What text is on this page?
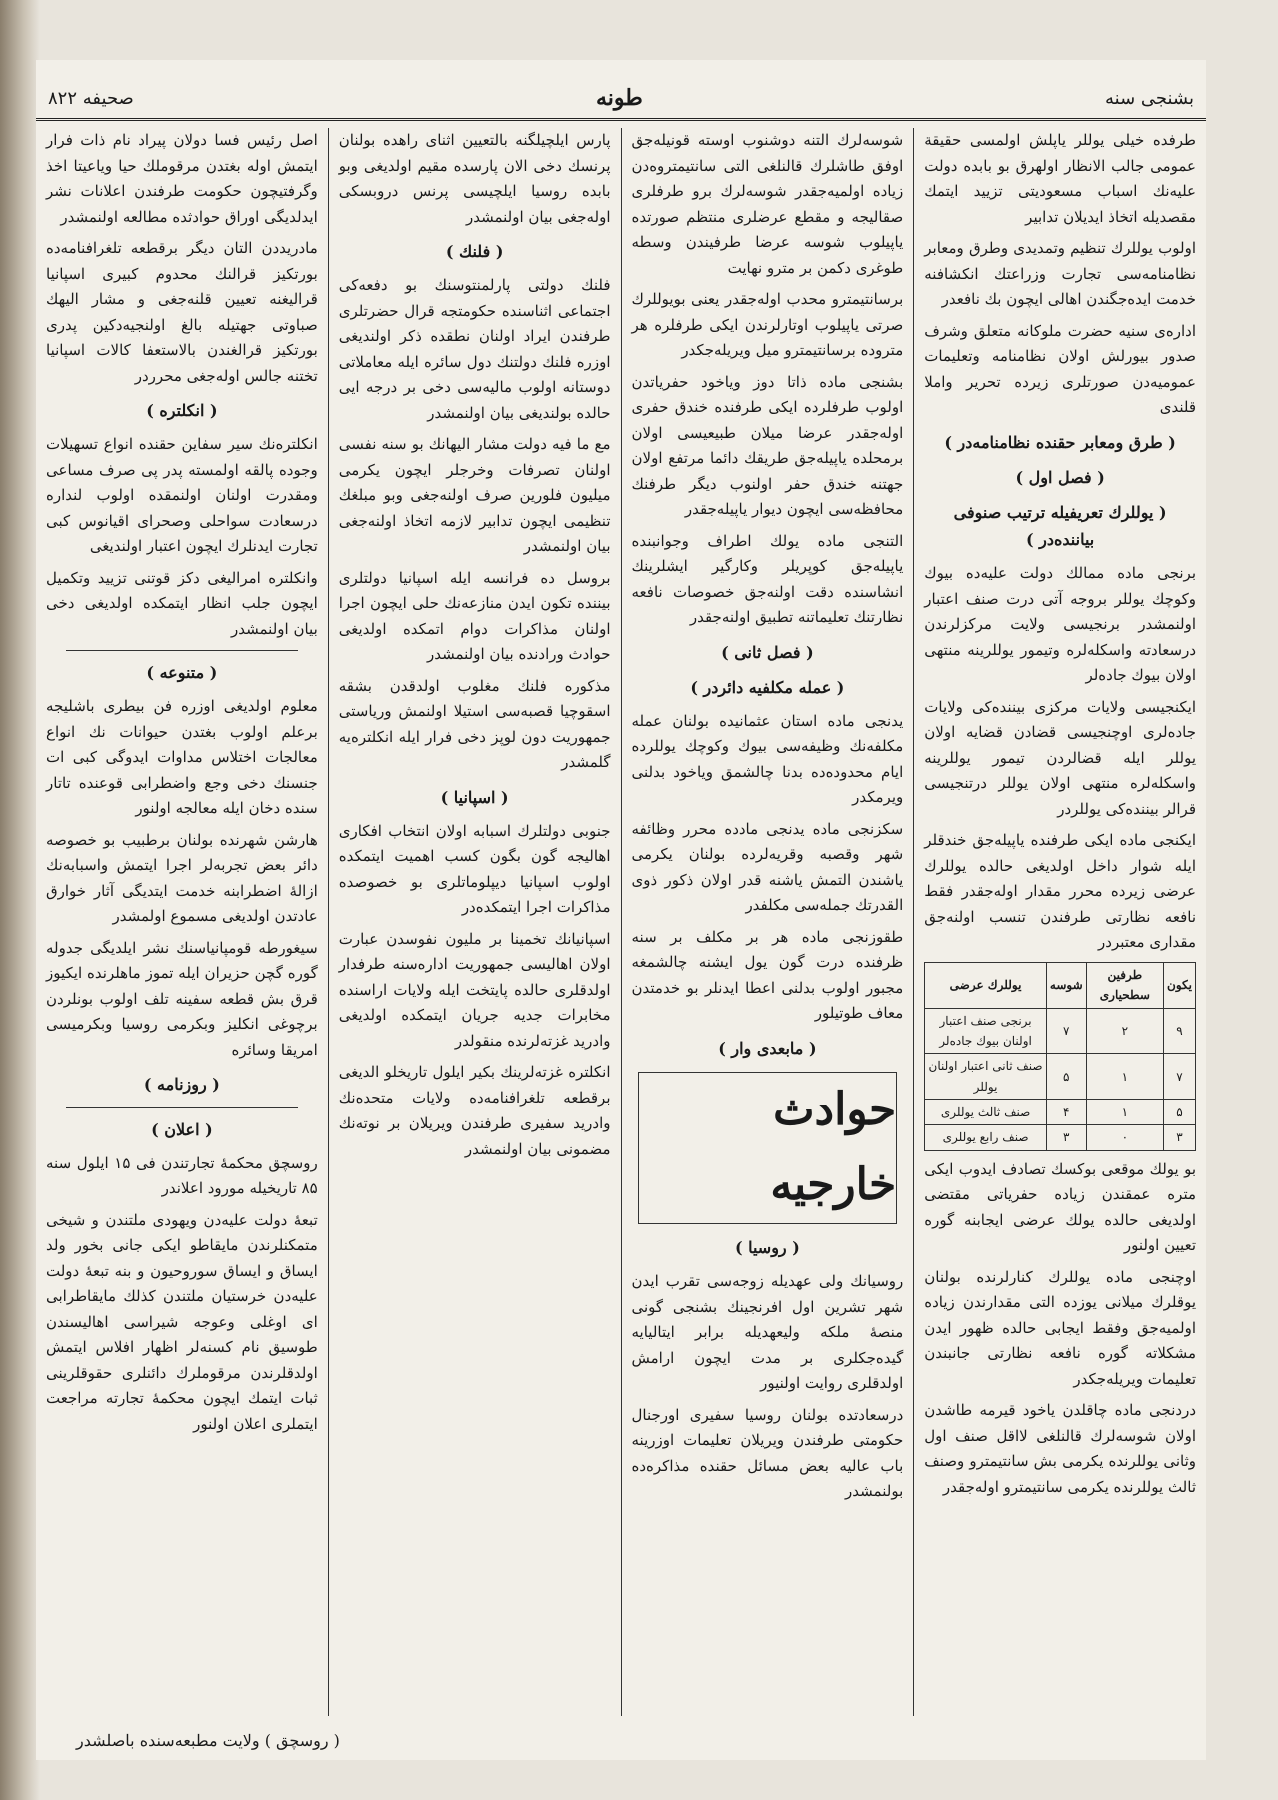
بشنجی سنه
طونه
صحیفه ۸۲۲

طرفده خیلی یوللر یاپلش اولمسی حقیقة عمومی جالب الانظار اولهرق بو بابده دولت علیه‌نك اسباب مسعودیتی تزیید ایتمك مقصدیله اتخاذ ایدیلان تدابیر

اولوب یوللرك تنظیم وتمدیدی وطرق ومعابر نظامنامه‌سی تجارت وزراعتك انکشافنه خدمت ایده‌جگندن اهالی ایچون بك نافعدر

اداره‌ی سنیه حضرت ملوكانه متعلق وشرف صدور بیورلش اولان نظامنامه وتعلیمات عمومیه‌دن صورتلری زیرده تحریر واملا قلندی

( طرق ومعابر حقنده نظامنامه‌در )
( فصل اول )
( یوللرك تعریفیله ترتیب صنوفی بیاننده‌در )

برنجی ماده ممالك دولت علیه‌ده بیوك وكوچك یوللر بروجه آتی درت صنف اعتبار اولنمشدر برنجیسی ولایت مركزلرندن درسعادته واسكله‌لره وتیمور یوللرینه منتهی اولان بیوك جاده‌لر

ایكنجیسی ولایات مركزی بیننده‌كی ولایات جاده‌لری اوچنجیسی قضادن قضایه اولان یوللر ایله قضالردن تیمور یوللرینه واسكله‌لره منتهی اولان یوللر درتنجیسی قرالر بیننده‌كی یوللردر

ایكنجی ماده ایكی طرفنده یاپیله‌جق خندقلر ایله شوار داخل اولدیغی حالده یوللرك عرضی زیرده محرر مقدار اوله‌جقدر فقط نافعه نظارتی طرفندن تنسب اولنه‌جق مقداری معتبردر

یكون	طرفین سطحیاری	شوسه	یوللرك عرضی
۹	۲	۷	برنجی صنف اعتبار اولنان بیوك جاده‌لر
۷	۱	۵	صنف ثانی اعتبار اولنان یوللر
۵	۱	۴	صنف ثالث یوللری
۳	۰	۳	صنف رابع یوللری

بو یولك موقعی بوكسك تصادف ایدوب ایكی متره عمقندن زیاده حفریاتی مقتضی اولدیغی حالده یولك عرضی ایجابنه گوره تعیین اولنور

اوچنجی ماده یوللرك كنارلرنده بولنان یوقلرك میلانی یوزده التی مقدارندن زیاده اولمیه‌جق وفقط ایجابی حالده ظهور ایدن مشكلاته گوره نافعه نظارتی جانبندن تعلیمات ویریله‌جكدر

دردنجی ماده چاقلدن یاخود قیرمه طاشدن اولان شوسه‌لرك قالنلغی لااقل صنف اول وثانی یوللرنده یكرمی بش سانتیمترو وصنف ثالث یوللرنده یكرمی سانتیمترو اوله‌جقدر

شوسه‌لرك التنه دوشنوب اوسته قونیله‌جق اوفق طاشلرك قالنلغی التی سانتیمتروه‌دن زیاده اولمیه‌جقدر شوسه‌لرك برو طرفلری صقالیجه و مقطع عرضلری منتظم صورتده یاپیلوب شوسه عرضا طرفیندن وسطه طوغری دكمن بر مترو نهایت

برسانتیمترو محدب اوله‌جقدر یعنی بویوللرك صرتی یاپیلوب اوتارلرندن ایكی طرفلره هر متروده برسانتیمترو میل ویریله‌جكدر

بشنجی ماده ذاتا دوز ویاخود حفریاتدن اولوب طرفلرده ایكی طرفنده خندق حفری اوله‌جقدر عرضا میلان طبیعیسی اولان برمحلده یاپیله‌جق طریقك دائما مرتفع اولان جهتنه خندق حفر اولنوب دیگر طرفنك محافظه‌سی ایچون دیوار یاپیله‌جقدر

التنجی ماده یولك اطراف وجوانبنده یاپیله‌جق كوپریلر وكارگیر ایشلرینك انشاسنده دقت اولنه‌جق خصوصات نافعه نظارتنك تعلیماتنه تطبیق اولنه‌جقدر

( فصل ثانی )
( عمله مكلفیه دائردر )

یدنجی ماده استان عثمانیده بولنان عمله مكلفه‌نك وظیفه‌سی بیوك وكوچك یوللرده ایام محدوده‌ده بدنا چالشمق ویاخود بدلنی ویرمكدر

سكزنجی ماده یدنجی مادده محرر وظائفه شهر وقصبه وقریه‌لرده بولنان یكرمی یاشندن التمش یاشنه قدر اولان ذكور ذوی القدرتك جمله‌سی مكلفدر

طقوزنجی ماده هر بر مكلف بر سنه ظرفنده درت گون یول ایشنه چالشمغه مجبور اولوب بدلنی اعطا ایدنلر بو خدمتدن معاف طوتیلور

( مابعدی وار )
حوادث خارجیه
( روسیا )

روسیانك ولی عهدیله زوجه‌سی تقرب ایدن شهر تشرین اول افرنجینك بشنجی گونی منصهٔ ملكه ولیعهدیله برابر ایتالیایه گیده‌جكلری بر مدت ایچون ارامش اولدقلری روایت اولنیور

درسعادتده بولنان روسیا سفیری اورجنال حكومتی طرفندن ویریلان تعلیمات اوزرینه باب عالیه بعض مسائل حقنده مذاكره‌ده بولنمشدر

پارس ایلچیلگنه بالتعیین اثنای راهده بولنان پرنسك دخی الان پارسده مقیم اولدیغی وبو بابده روسیا ایلچیسی پرنس دروبسكی اوله‌جغی بیان اولنمشدر

( فلنك )

فلنك دولتی پارلمنتوسنك بو دفعه‌كی اجتماعی اثناسنده حكومتجه قرال حضرتلری طرفندن ایراد اولنان نطقده ذكر اولندیغی اوزره فلنك دولتنك دول سائره ایله معاملاتی دوستانه اولوب مالیه‌سی دخی بر درجه ایی حالده بولندیغی بیان اولنمشدر

مع ما فیه دولت مشار الیهانك بو سنه نفسی اولنان تصرفات وخرجلر ایچون یكرمی میلیون فلورین صرف اولنه‌جغی وبو مبلغك تنظیمی ایچون تدابیر لازمه اتخاذ اولنه‌جغی بیان اولنمشدر

بروسل ده فرانسه ایله اسپانیا دولتلری بیننده تكون ایدن منازعه‌نك حلی ایچون اجرا اولنان مذاكرات دوام اتمكده اولدیغی حوادث ورادنده بیان اولنمشدر

مذكوره فلنك مغلوب اولدقدن بشقه اسقوچیا قصبه‌سی استیلا اولنمش وریاستی جمهوریت دون لوپز دخی فرار ایله انكلتره‌یه گلمشدر

( اسپانیا )

جنوبی دولتلرك اسبابه اولان انتخاب افكاری اهالیجه گون بگون كسب اهمیت ایتمكده اولوب اسپانیا دیپلوماتلری بو خصوصده مذاكرات اجرا ایتمكده‌در

اسپانیانك تخمینا بر ملیون نفوسدن عبارت اولان اهالیسی جمهوریت اداره‌سنه طرفدار اولدقلری حالده پایتخت ایله ولایات اراسنده مخابرات جدیه جریان ایتمكده اولدیغی وادرید غزته‌لرنده منقولدر

انكلتره غزته‌لرینك بكیر ایلول تاریخلو الدیغی برقطعه تلغرافنامه‌ده ولایات متحده‌نك وادرید سفیری طرفندن ویریلان بر نوته‌نك مضمونی بیان اولنمشدر

اصل رئیس فسا دولان پیراد نام ذات فرار ایتمش اوله بغتدن مرقوملك حیا ویاعیتا اخذ وگرفتیچون حكومت طرفندن اعلانات نشر ایدلدیگی اوراق حوادثده مطالعه اولنمشدر

مادریددن التان دیگر برقطعه تلغرافنامه‌ده بورتكیز قرالنك محدوم كبیری اسپانیا قرالیغنه تعیین قلنه‌جغی و مشار الیهك صباوتی جهتیله بالغ اولنجیه‌دكین پدری بورتكیز قرالغندن بالاستعفا كالات اسپانیا تختنه جالس اوله‌جغی محرردر

( انكلتره )

انكلتره‌نك سیر سفاین حقنده انواع تسهیلات وجوده پالقه اولمسته پدر پی صرف مساعی ومقدرت اولنان اولنمقده اولوب لنداره درسعادت سواحلی وصحرای اقیانوس كبی تجارت ایدنلرك ایچون اعتبار اولندیغی

وانكلتره امرالیغی دكز قوتنی تزیید وتكمیل ایچون جلب انظار ایتمكده اولدیغی دخی بیان اولنمشدر

( متنوعه )

معلوم اولدیغی اوزره فن بیطری باشلیجه برعلم اولوب بغتدن حیوانات نك انواع معالجات اختلاس مداوات ایدوگی كبی ات جنسنك دخی وجع واضطرابی قوعنده تاتار سنده دخان ایله معالجه اولنور

هارشن شهرنده بولنان برطبیب بو خصوصه دائر بعض تجربه‌لر اجرا ایتمش واسبابه‌نك ازالهٔ اضطرابنه خدمت ایتدیگی آثار خوارق عادتدن اولدیغی مسموع اولمشدر

سیغورطه قومپانیاسنك نشر ایلدیگی جدوله گوره گچن حزیران ایله تموز ماهلرنده ایكیوز قرق بش قطعه سفینه تلف اولوب بونلردن برچوغی انكلیز وبكرمی روسیا وبكرمیسی امریقا وسائره

( روزنامه )
( اعلان )

روسچق محكمهٔ تجارتندن فی ۱۵ ایلول سنه ۸۵ تاریخیله مورود اعلاندر

تبعهٔ دولت علیه‌دن ویهودی ملتندن و شیخی متمكنلرندن مایقاطو ایكی جانی بخور ولد ایساق و ایساق سوروحیون و بنه تبعهٔ دولت علیه‌دن خرستیان ملتندن كذلك مایقاطرابی ای اوغلی وعوجه شیراسی اهالیسندن طوسیق نام كسنه‌لر اظهار افلاس ایتمش اولدقلرندن مرقوملرك دائنلری حقوقلرینی ثبات ایتمك ایچون محكمهٔ تجارته مراجعت ایتملری اعلان اولنور

( روسچق ) ولایت مطبعه‌سنده باصلشدر
